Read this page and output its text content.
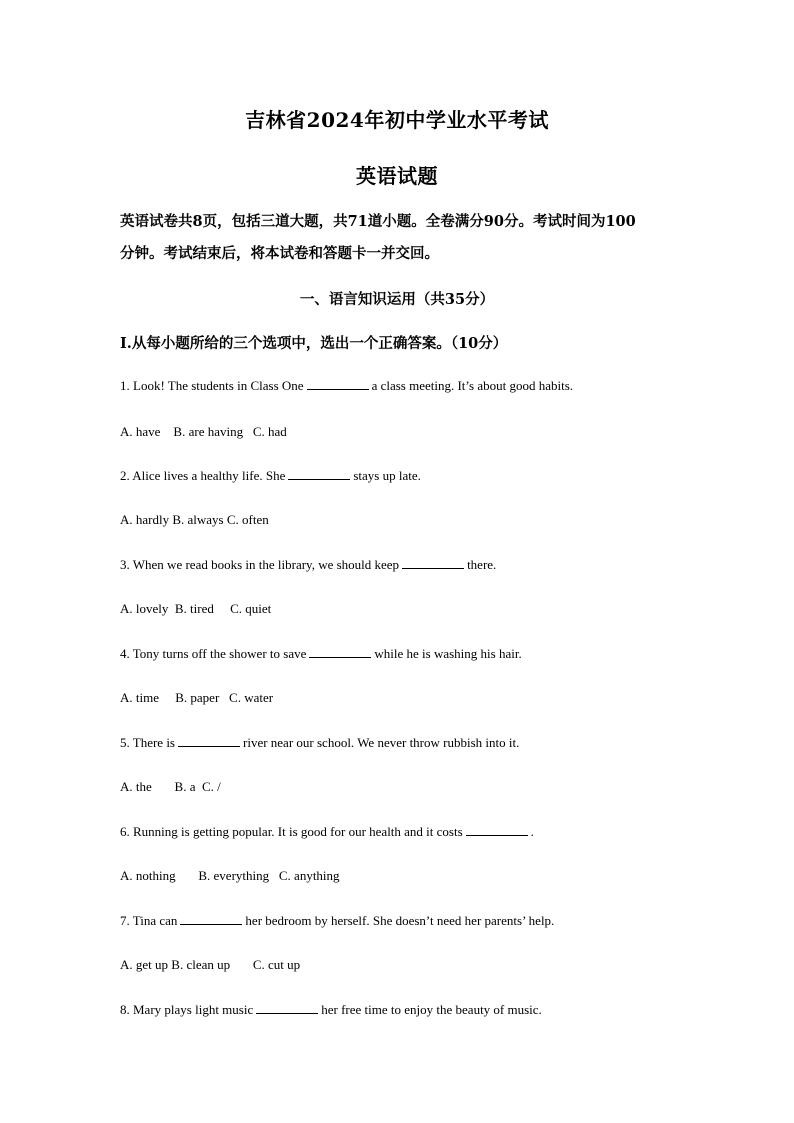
吉林省2024年初中学业水平考试
英语试题
英语试卷共8页，包括三道大题，共71道小题。全卷满分90分。考试时间为100
分钟。考试结束后，将本试卷和答题卡一并交回。
一、语言知识运用（共35分）
Ⅰ.从每小题所给的三个选项中，选出一个正确答案。（10分）
1. Look! The students in Class One	a class meeting. It’s about good habits.
A. have    B. are having   C. had
2. Alice lives a healthy life. She	stays up late.
A. hardly B. always C. often
3. When we read books in the library, we should keep	there.
A. lovely  B. tired     C. quiet
4. Tony turns off the shower to save	while he is washing his hair.
A. time     B. paper   C. water
5. There is	river near our school. We never throw rubbish into it.
A. the       B. a  C. /
6. Running is getting popular. It is good for our health and it costs	.
A. nothing       B. everything   C. anything
7. Tina can	her bedroom by herself. She doesn’t need her parents’ help.
A. get up B. clean up       C. cut up
8. Mary plays light music	her free time to enjoy the beauty of music.
